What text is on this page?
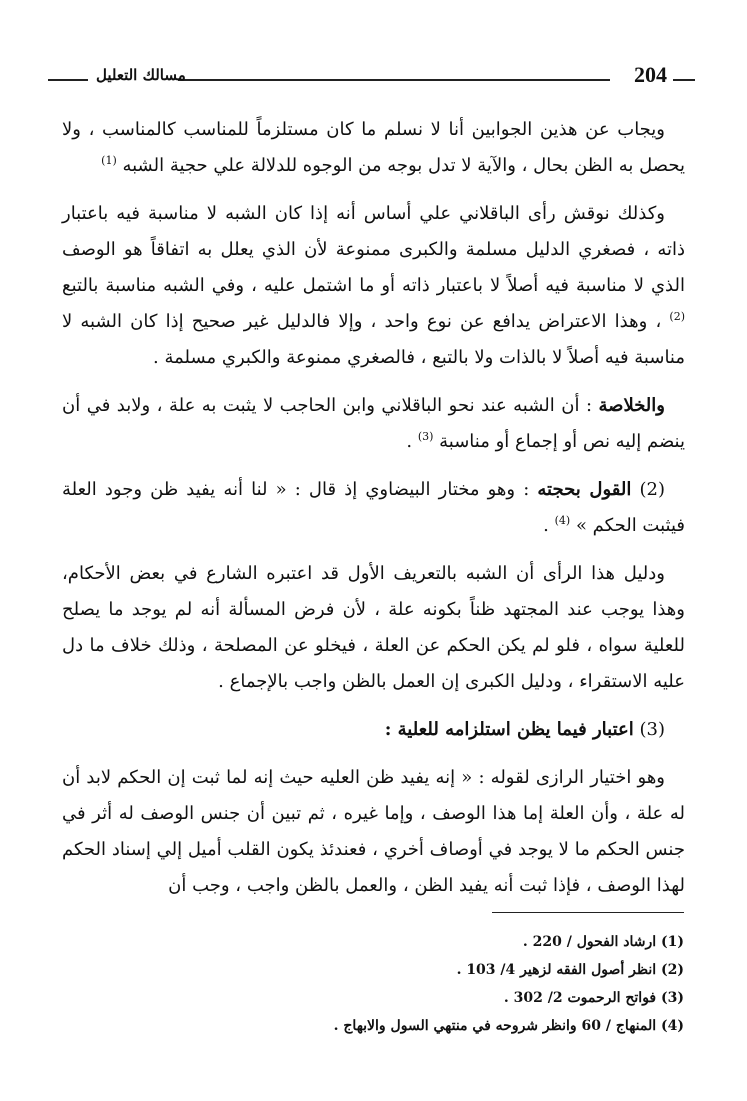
204
مسالك التعليل

ويجاب عن هذين الجوابين أنا لا نسلم ما كان مستلزماً للمناسب كالمناسب ، ولا يحصل به الظن بحال ، والآية لا تدل بوجه من الوجوه للدلالة علي حجية الشبه $^{(1)}$

وكذلك نوقش رأى الباقلاني علي أساس أنه إذا كان الشبه لا مناسبة فيه باعتبار ذاته ، فصغري الدليل مسلمة والكبرى ممنوعة لأن الذي يعلل به اتفاقاً هو الوصف الذي لا مناسبة فيه أصلاً لا باعتبار ذاته أو ما اشتمل عليه ، وفي الشبه مناسبة بالتبع $^{(2)}$ ، وهذا الاعتراض يدافع عن نوع واحد ، وإلا فالدليل غير صحيح إذا كان الشبه لا مناسبة فيه أصلاً لا بالذات ولا بالتبع ، فالصغري ممنوعة والكبري مسلمة .

والخلاصة : أن الشبه عند نحو الباقلاني وابن الحاجب لا يثبت به علة ، ولابد في أن ينضم إليه نص أو إجماع أو مناسبة $^{(3)}$ .

(2) القول بحجته : وهو مختار البيضاوي إذ قال : « لنا أنه يفيد ظن وجود العلة فيثبت الحكم » $^{(4)}$ .

ودليل هذا الرأى أن الشبه بالتعريف الأول قد اعتبره الشارع في بعض الأحكام، وهذا يوجب عند المجتهد ظناً بكونه علة ، لأن فرض المسألة أنه لم يوجد ما يصلح للعلية سواه ، فلو لم يكن الحكم عن العلة ، فيخلو عن المصلحة ، وذلك خلاف ما دل عليه الاستقراء ، ودليل الكبرى إن العمل بالظن واجب بالإجماع .

(3) اعتبار فيما يظن استلزامه للعلية :

وهو اختيار الرازى لقوله : « إنه يفيد ظن العليه حيث إنه لما ثبت إن الحكم لابد أن له علة ، وأن العلة إما هذا الوصف ، وإما غيره ، ثم تبين أن جنس الوصف له أثر في جنس الحكم ما لا يوجد في أوصاف أخري ، فعندئذ يكون القلب أميل إلي إسناد الحكم لهذا الوصف ، فإذا ثبت أنه يفيد الظن ، والعمل بالظن واجب ، وجب أن

(1) ارشاد الفحول / 220 .
(2) انظر أصول الفقه لزهير 4/ 103 .
(3) فواتح الرحموت 2/ 302 .
(4) المنهاج / 60 وانظر شروحه في منتهي السول والابهاج .
